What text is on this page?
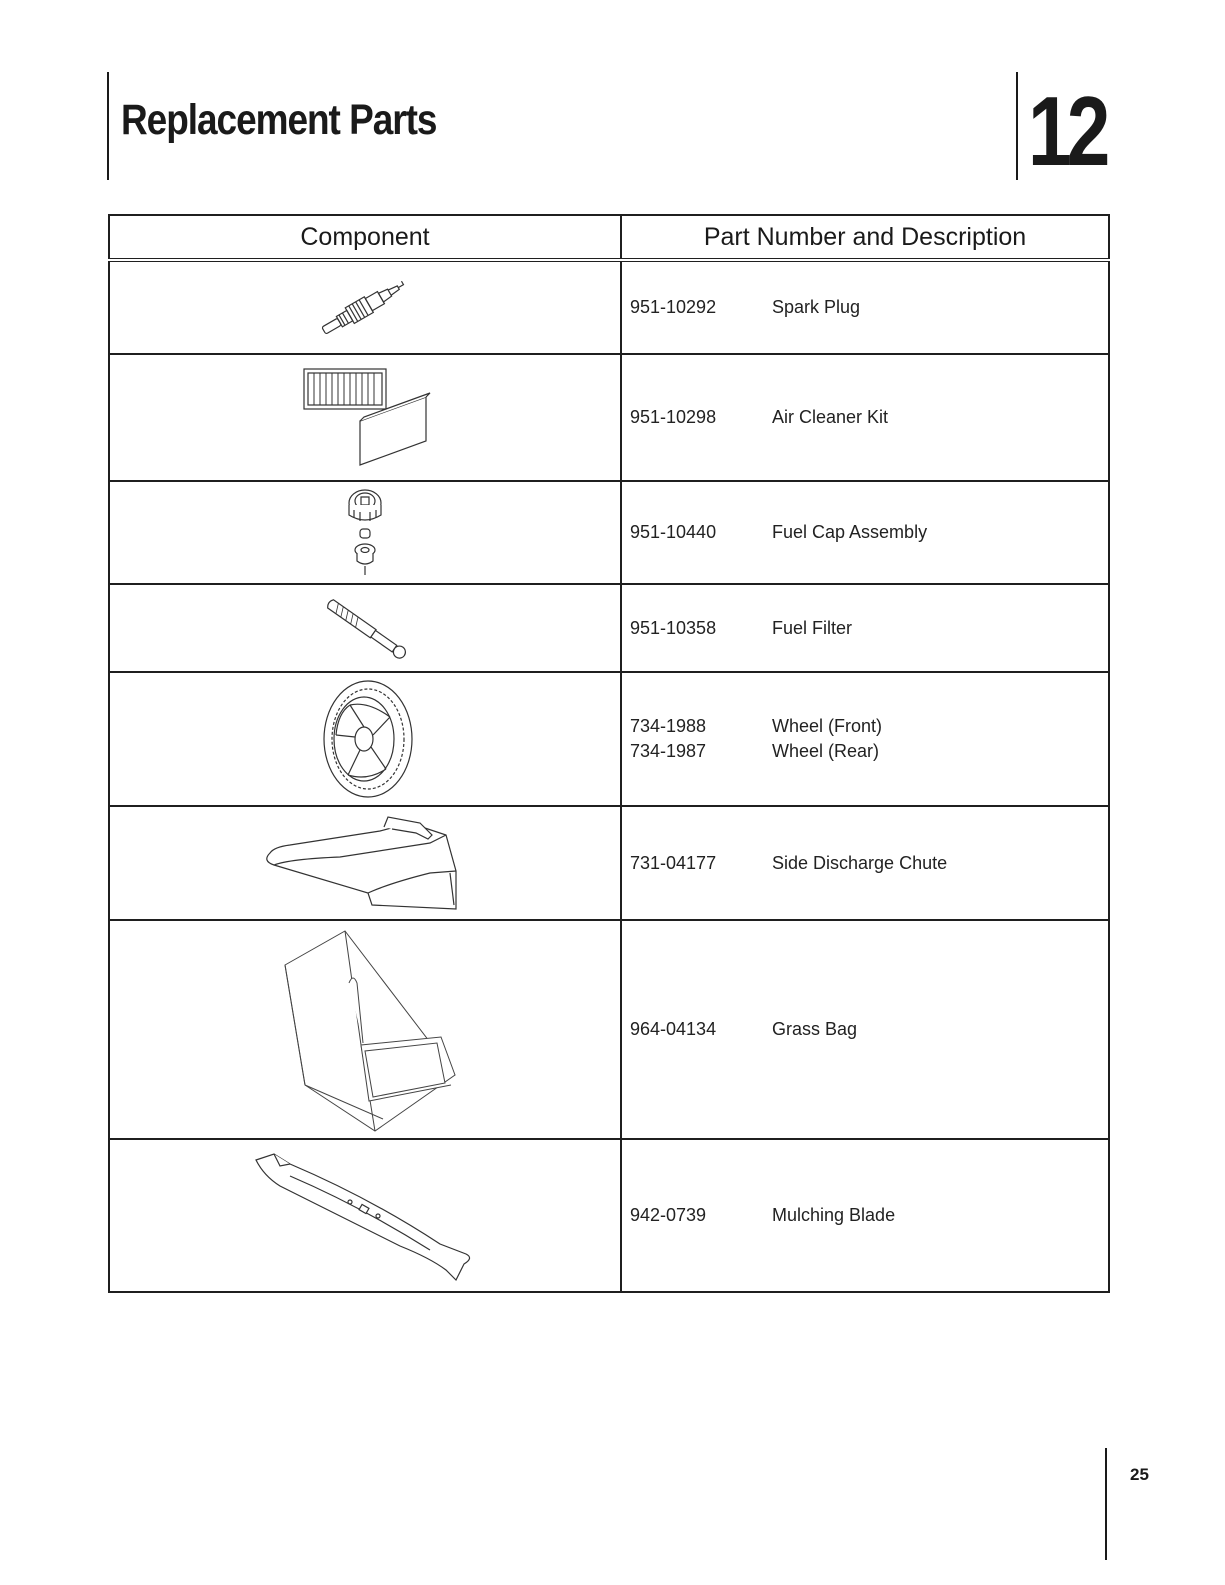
Replacement Parts	12
Component	Part Number and Description

951-10292 Spark Plug

951-10298 Air Cleaner Kit

951-10440 Fuel Cap Assembly

951-10358 Fuel Filter

734-1988 Wheel (Front)
734-1987 Wheel (Rear)

731-04177 Side Discharge Chute

964-04134 Grass Bag

942-0739 Mulching Blade
25
